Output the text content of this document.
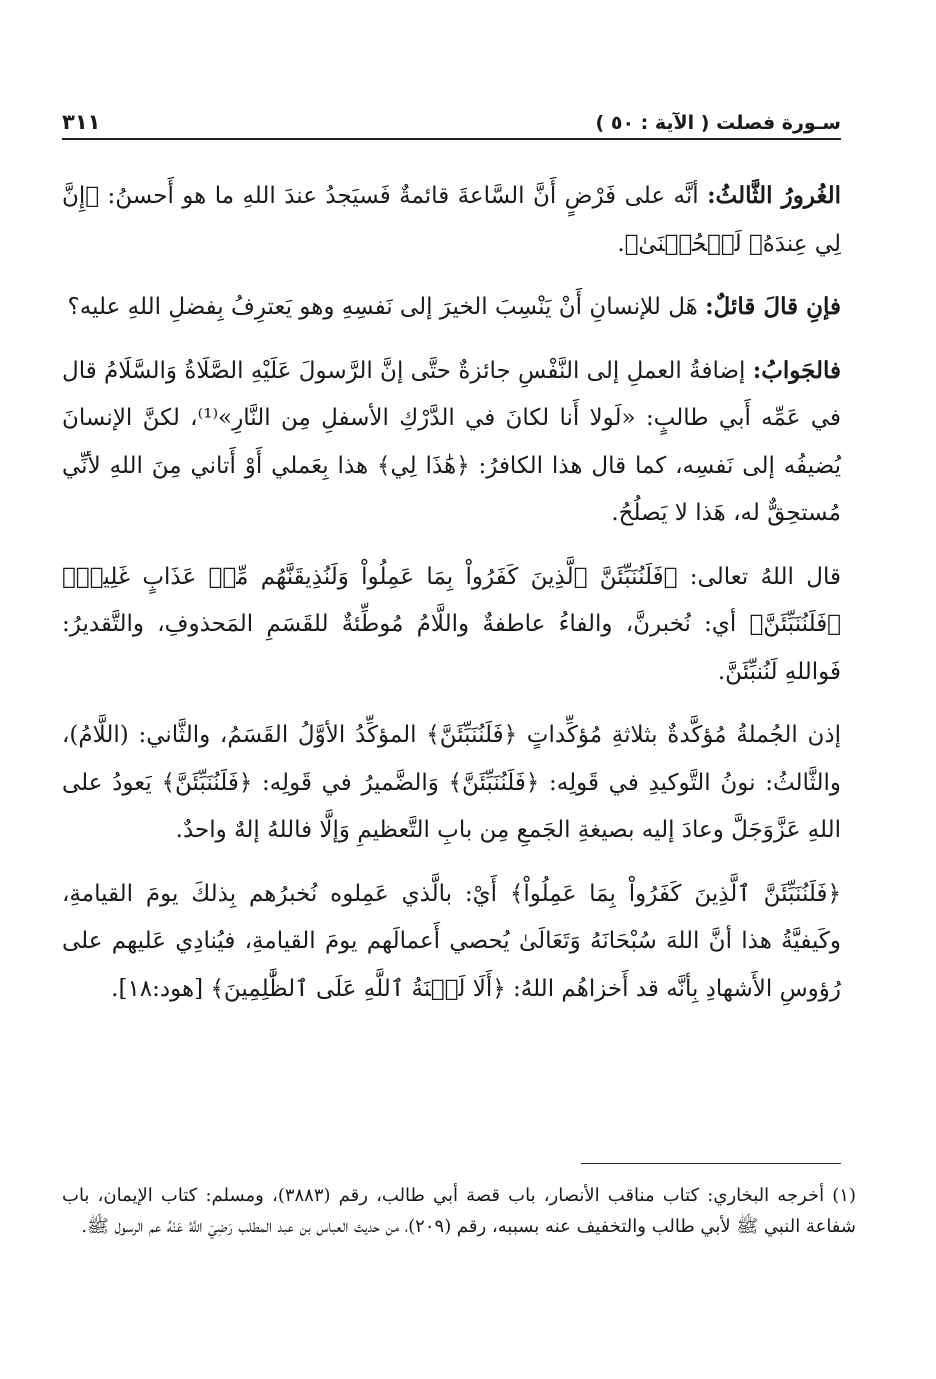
سـورة فصلت ( الآية : ٥٠ )
٣١١

الغُرورُ الثَّالثُ: أنَّه على فَرْضٍ أَنَّ السَّاعةَ قائمةٌ فَسيَجدُ عندَ اللهِ ما هو أَحسنُ: ﴿إِنَّ لِي عِندَهُۥ لَلۡحُسۡنَىٰ﴾.

فإنِ قالَ قائلٌ: هَل للإنسانِ أَنْ يَنْسِبَ الخيرَ إلى نَفسِهِ وهو يَعترِفُ بِفضلِ اللهِ عليه؟

فالجَوابُ: إضافةُ العملِ إلى النَّفْسِ جائزةٌ حتَّى إنَّ الرَّسولَ عَلَيْهِ الصَّلَاةُ وَالسَّلَامُ قال في عَمِّه أَبي طالبٍ: «لَولا أَنا لكانَ في الدَّرْكِ الأسفلِ مِن النَّارِ»⁽¹⁾، لكنَّ الإنسانَ يُضيفُه إلى نَفسِه، كما قال هذا الكافرُ: ﴿هَٰذَا لِي﴾ هذا بِعَملي أَوْ أَتاني مِنَ اللهِ لأنِّي مُستحِقٌّ له، هَذا لا يَصلُحُ.

قال اللهُ تعالى: ﴿فَلَنُنَبِّئَنَّ ٱلَّذِينَ كَفَرُواْ بِمَا عَمِلُواْ وَلَنُذِيقَنَّهُم مِّنۡ عَذَابٍ غَلِيظٖ﴾ ﴿فَلَنُنَبِّئَنَّ﴾ أي: نُخبرنَّ، والفاءُ عاطفةٌ واللَّامُ مُوطِّئةٌ للقَسَمِ المَحذوفِ، والتَّقديرُ: فَواللهِ لَنُنبِّئَنَّ.

إذن الجُملةُ مُؤكَّدةٌ بثلاثةِ مُؤكِّداتٍ ﴿فَلَنُنَبِّئَنَّ﴾ المؤكِّدُ الأوَّلُ القَسَمُ، والثَّاني: (اللَّامُ)، والثَّالثُ: نونُ التَّوكيدِ في قَولِه: ﴿فَلَنُنَبِّئَنَّ﴾ وَالضَّميرُ في قَولِه: ﴿فَلَنُنَبِّئَنَّ﴾ يَعودُ على اللهِ عَزَّوَجَلَّ وعادَ إليه بصيغةِ الجَمعِ مِن بابِ التَّعظيمِ وَإلَّا فاللهُ إلهٌ واحدٌ.

﴿فَلَنُنَبِّئَنَّ ٱلَّذِينَ كَفَرُواْ بِمَا عَمِلُواْ﴾ أَيْ: بالَّذي عَمِلوه نُخبرُهم بِذلكَ يومَ القيامةِ، وكَيفيَّةُ هذا أنَّ اللهَ سُبْحَانَهُ وَتَعَالَىٰ يُحصي أَعمالَهم يومَ القيامةِ، فيُنادِي عَليهم على رُؤوسِ الأَشهادِ بِأنَّه قد أَخزاهُم اللهُ: ﴿أَلَا لَعۡنَةُ ٱللَّهِ عَلَى ٱلظَّٰلِمِينَ﴾ [هود:١٨].

(١) أخرجه البخاري: كتاب مناقب الأنصار، باب قصة أبي طالب، رقم (٣٨٨٣)، ومسلم: كتاب الإيمان، باب شفاعة النبي ﷺ لأبي طالب والتخفيف عنه بسببه، رقم (٢٠٩)، من حديث العباس بن عبد المطلب رَضِيَ اللَّهُ عَنْهُ عم الرسول ﷺ.
